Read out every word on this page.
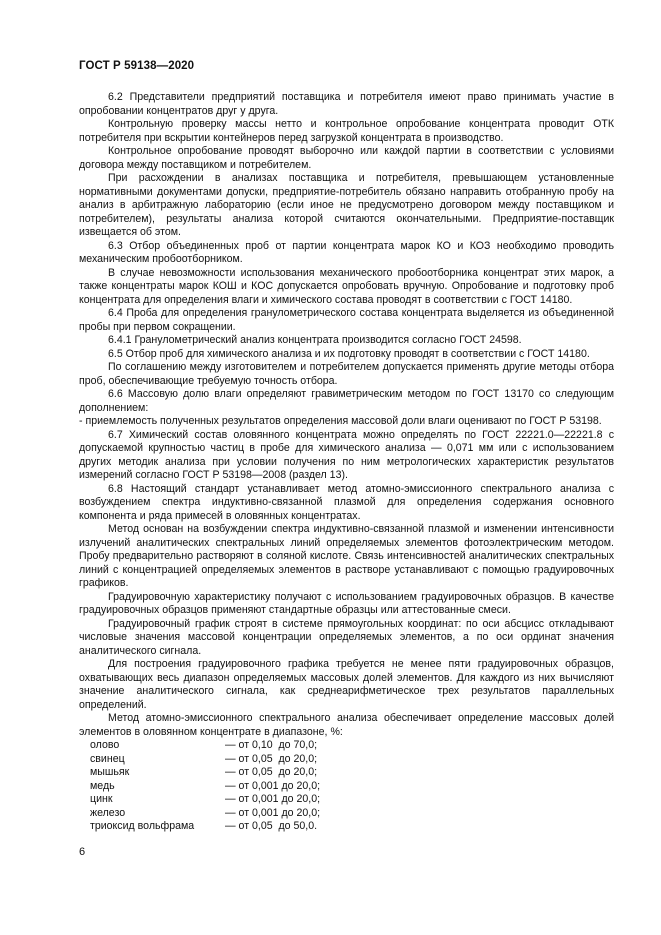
ГОСТ Р 59138—2020

6.2 Представители предприятий поставщика и потребителя имеют право принимать участие в опробовании концентратов друг у друга.

Контрольную проверку массы нетто и контрольное опробование концентрата проводит ОТК потребителя при вскрытии контейнеров перед загрузкой концентрата в производство.

Контрольное опробование проводят выборочно или каждой партии в соответствии с условиями договора между поставщиком и потребителем.

При расхождении в анализах поставщика и потребителя, превышающем установленные нормативными документами допуски, предприятие-потребитель обязано направить отобранную пробу на анализ в арбитражную лабораторию (если иное не предусмотрено договором между поставщиком и потребителем), результаты анализа которой считаются окончательными. Предприятие-поставщик извещается об этом.

6.3 Отбор объединенных проб от партии концентрата марок КО и КОЗ необходимо проводить механическим пробоотборником.

В случае невозможности использования механического пробоотборника концентрат этих марок, а также концентраты марок КОШ и КОС допускается опробовать вручную. Опробование и подготовку проб концентрата для определения влаги и химического состава проводят в соответствии с ГОСТ 14180.

6.4 Проба для определения гранулометрического состава концентрата выделяется из объединенной пробы при первом сокращении.

6.4.1 Гранулометрический анализ концентрата производится согласно ГОСТ 24598.

6.5 Отбор проб для химического анализа и их подготовку проводят в соответствии с ГОСТ 14180.

По соглашению между изготовителем и потребителем допускается применять другие методы отбора проб, обеспечивающие требуемую точность отбора.

6.6 Массовую долю влаги определяют гравиметрическим методом по ГОСТ 13170 со следующим дополнением:

- приемлемость полученных результатов определения массовой доли влаги оценивают по ГОСТ Р 53198.

6.7 Химический состав оловянного концентрата можно определять по ГОСТ 22221.0—22221.8 с допускаемой крупностью частиц в пробе для химического анализа — 0,071 мм или с использованием других методик анализа при условии получения по ним метрологических характеристик результатов измерений согласно ГОСТ Р 53198—2008 (раздел 13).

6.8 Настоящий стандарт устанавливает метод атомно-эмиссионного спектрального анализа с возбуждением спектра индуктивно-связанной плазмой для определения содержания основного компонента и ряда примесей в оловянных концентратах.

Метод основан на возбуждении спектра индуктивно-связанной плазмой и изменении интенсивности излучений аналитических спектральных линий определяемых элементов фотоэлектрическим методом. Пробу предварительно растворяют в соляной кислоте. Связь интенсивностей аналитических спектральных линий с концентрацией определяемых элементов в растворе устанавливают с помощью градуировочных графиков.

Градуировочную характеристику получают с использованием градуировочных образцов. В качестве градуировочных образцов применяют стандартные образцы или аттестованные смеси.

Градуировочный график строят в системе прямоугольных координат: по оси абсцисс откладывают числовые значения массовой концентрации определяемых элементов, а по оси ординат значения аналитического сигнала.

Для построения градуировочного графика требуется не менее пяти градуировочных образцов, охватывающих весь диапазон определяемых массовых долей элементов. Для каждого из них вычисляют значение аналитического сигнала, как среднеарифметическое трех результатов параллельных определений.

Метод атомно-эмиссионного спектрального анализа обеспечивает определение массовых долей элементов в оловянном концентрате в диапазоне, %:

олово	— от 0,10  до 70,0;
свинец	— от 0,05  до 20,0;
мышьяк	— от 0,05  до 20,0;
медь	— от 0,001 до 20,0;
цинк	— от 0,001 до 20,0;
железо	— от 0,001 до 20,0;
триоксид вольфрама	— от 0,05  до 50,0.
6
